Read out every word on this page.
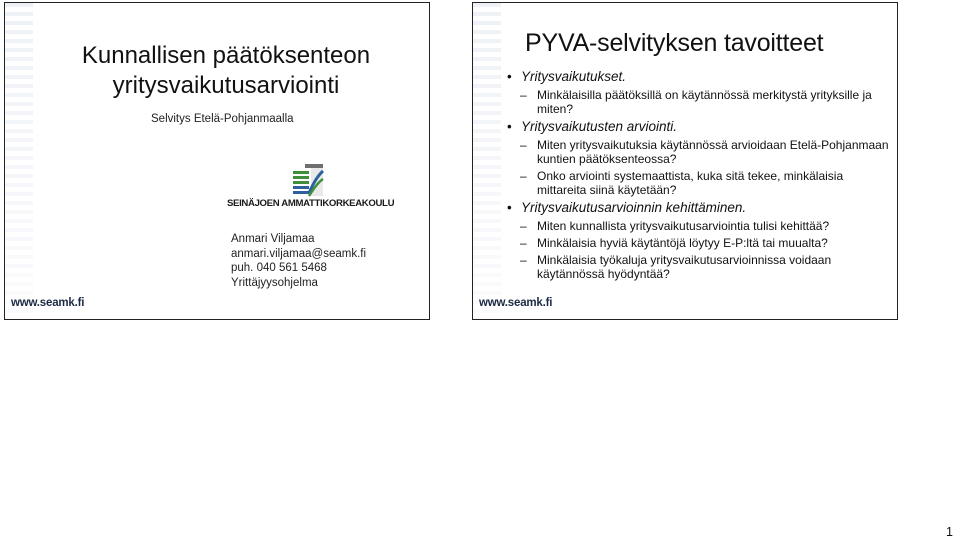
Kunnallisen päätöksenteon yritysvaikutusarviointi
Selvitys Etelä-Pohjanmaalla
SEINÄJOEN AMMATTIKORKEAKOULU
Anmari Viljamaa
anmari.viljamaa@seamk.fi
puh. 040 561 5468
Yrittäjyysohjelma
www.seamk.fi
PYVA-selvityksen tavoitteet
• Yritysvaikutukset.
– Minkälaisilla päätöksillä on käytännössä merkitystä yrityksille ja miten?
• Yritysvaikutusten arviointi.
– Miten yritysvaikutuksia käytännössä arvioidaan Etelä-Pohjanmaan kuntien päätöksenteossa?
– Onko arviointi systemaattista, kuka sitä tekee, minkälaisia mittareita siinä käytetään?
• Yritysvaikutusarvioinnin kehittäminen.
– Miten kunnallista yritysvaikutusarviointia tulisi kehittää?
– Minkälaisia hyviä käytäntöjä löytyy E-P:ltä tai muualta?
– Minkälaisia työkaluja yritysvaikutusarvioinnissa voidaan käytännössä hyödyntää?
www.seamk.fi
1
